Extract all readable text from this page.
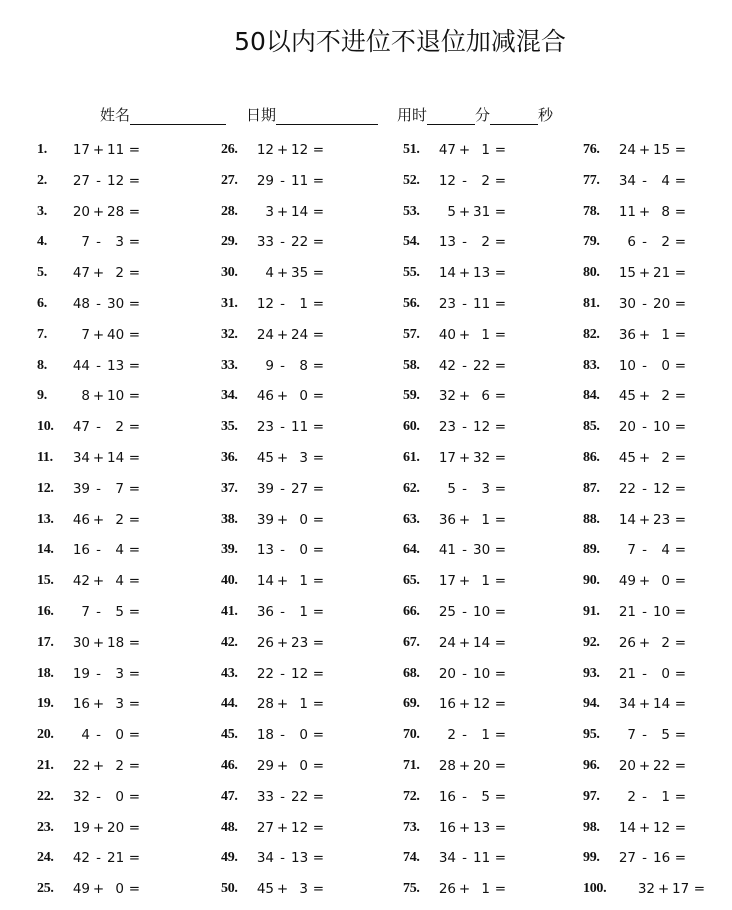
50以内不进位不退位加减混合
姓名	日期	用时	分	秒
1. 17 + 11 =
2. 27 - 12 =
3. 20 + 28 =
4.	7 - 3 =
5. 47 + 2 =
6. 48 - 30 =
7.	7 + 40 =
8. 44 - 13 =
9.	8 + 10 =
10. 47 - 2 =
11. 34 + 14 =
12. 39 - 7 =
13. 46 + 2 =
14. 16 - 4 =
15. 42 + 4 =
16.	7 - 5 =
17. 30 + 18 =
18. 19 - 3 =
19. 16 + 3 =
20.	4 - 0 =
21. 22 + 2 =
22. 32 - 0 =
23. 19 + 20 =
24. 42 - 21 =
25. 49 + 0 =
26. 12 + 12 =
27. 29 - 11 =
28.	3 + 14 =
29. 33 - 22 =
30.	4 + 35 =
31. 12 - 1 =
32. 24 + 24 =
33.	9 - 8 =
34. 46 + 0 =
35. 23 - 11 =
36. 45 + 3 =
37. 39 - 27 =
38. 39 + 0 =
39. 13 - 0 =
40. 14 + 1 =
41. 36 - 1 =
42. 26 + 23 =
43. 22 - 12 =
44. 28 + 1 =
45. 18 - 0 =
46. 29 + 0 =
47. 33 - 22 =
48. 27 + 12 =
49. 34 - 13 =
50. 45 + 3 =
51. 47 + 1 =
52. 12 - 2 =
53.	5 + 31 =
54. 13 - 2 =
55. 14 + 13 =
56. 23 - 11 =
57. 40 + 1 =
58. 42 - 22 =
59. 32 + 6 =
60. 23 - 12 =
61. 17 + 32 =
62.	5 - 3 =
63. 36 + 1 =
64. 41 - 30 =
65. 17 + 1 =
66. 25 - 10 =
67. 24 + 14 =
68. 20 - 10 =
69. 16 + 12 =
70.	2 - 1 =
71. 28 + 20 =
72. 16 - 5 =
73. 16 + 13 =
74. 34 - 11 =
75. 26 + 1 =
76. 24 + 15 =
77. 34 - 4 =
78. 11 + 8 =
79.	6 - 2 =
80. 15 + 21 =
81. 30 - 20 =
82. 36 + 1 =
83. 10 - 0 =
84. 45 + 2 =
85. 20 - 10 =
86. 45 + 2 =
87. 22 - 12 =
88. 14 + 23 =
89.	7 - 4 =
90. 49 + 0 =
91. 21 - 10 =
92. 26 + 2 =
93. 21 - 0 =
94. 34 + 14 =
95.	7 - 5 =
96. 20 + 22 =
97.	2 - 1 =
98. 14 + 12 =
99. 27 - 16 =
100. 32 + 17 =
